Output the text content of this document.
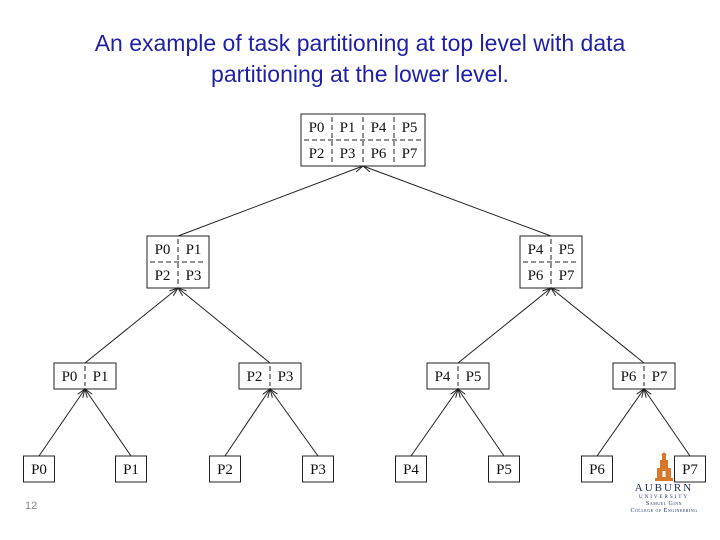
An example of task partitioning at top level with data
partitioning at the lower level.
P0 P1 P4 P5
P2 P3 P6 P7
P0 P1
P2 P3
P4 P5
P6 P7
P0 P1	P2 P3	P4 P5	P6 P7
P0	P1	P2	P3	P4	P5	P6	P7
12
AUBURN
UNIVERSITY
Samuel Ginn
College of Engineering
